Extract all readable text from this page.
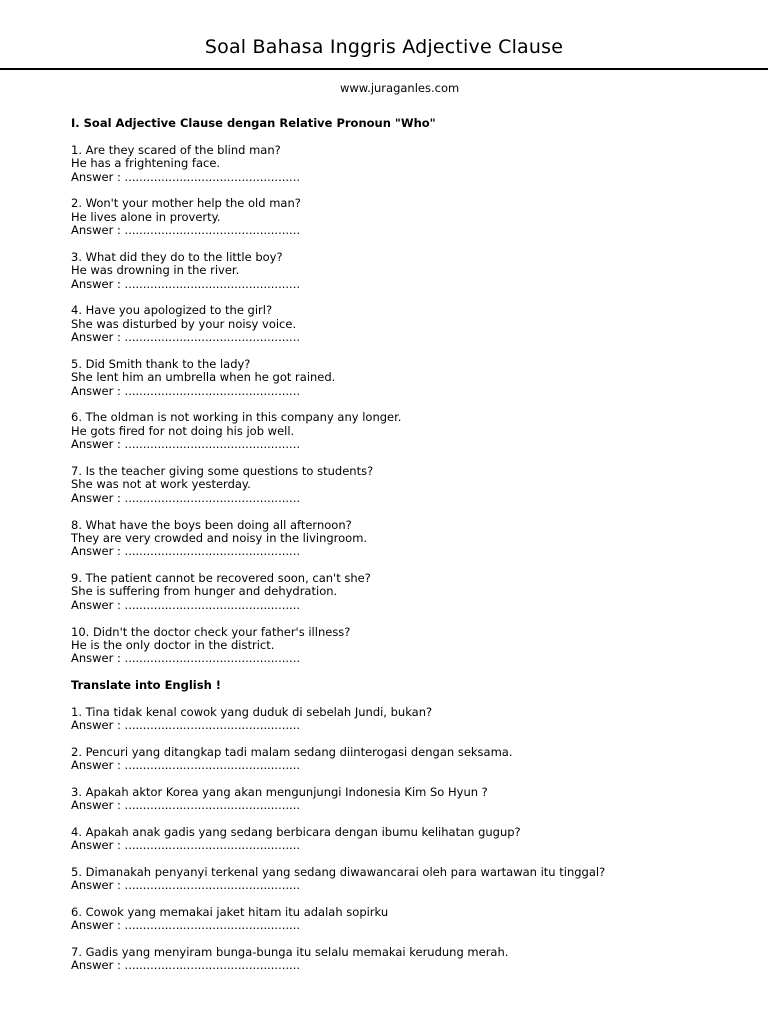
Soal Bahasa Inggris Adjective Clause
www.juraganles.com
I. Soal Adjective Clause dengan Relative Pronoun "Who"
1. Are they scared of the blind man?
He has a frightening face.
Answer : ................................................
2. Won't your mother help the old man?
He lives alone in proverty.
Answer : ................................................
3. What did they do to the little boy?
He was drowning in the river.
Answer : ................................................
4. Have you apologized to the girl?
She was disturbed by your noisy voice.
Answer : ................................................
5. Did Smith thank to the lady?
She lent him an umbrella when he got rained.
Answer : ................................................
6. The oldman is not working in this company any longer.
He gots fired for not doing his job well.
Answer : ................................................
7. Is the teacher giving some questions to students?
She was not at work yesterday.
Answer : ................................................
8. What have the boys been doing all afternoon?
They are very crowded and noisy in the livingroom.
Answer : ................................................
9. The patient cannot be recovered soon, can't she?
She is suffering from hunger and dehydration.
Answer : ................................................
10. Didn't the doctor check your father's illness?
He is the only doctor in the district.
Answer : ................................................
Translate into English !
1. Tina tidak kenal cowok yang duduk di sebelah Jundi, bukan?
Answer : ................................................
2. Pencuri yang ditangkap tadi malam sedang diinterogasi dengan seksama.
Answer : ................................................
3. Apakah aktor Korea yang akan mengunjungi Indonesia Kim So Hyun ?
Answer : ................................................
4. Apakah anak gadis yang sedang berbicara dengan ibumu kelihatan gugup?
Answer : ................................................
5. Dimanakah penyanyi terkenal yang sedang diwawancarai oleh para wartawan itu tinggal?
Answer : ................................................
6. Cowok yang memakai jaket hitam itu adalah sopirku
Answer : ................................................
7. Gadis yang menyiram bunga-bunga itu selalu memakai kerudung merah.
Answer : ................................................
